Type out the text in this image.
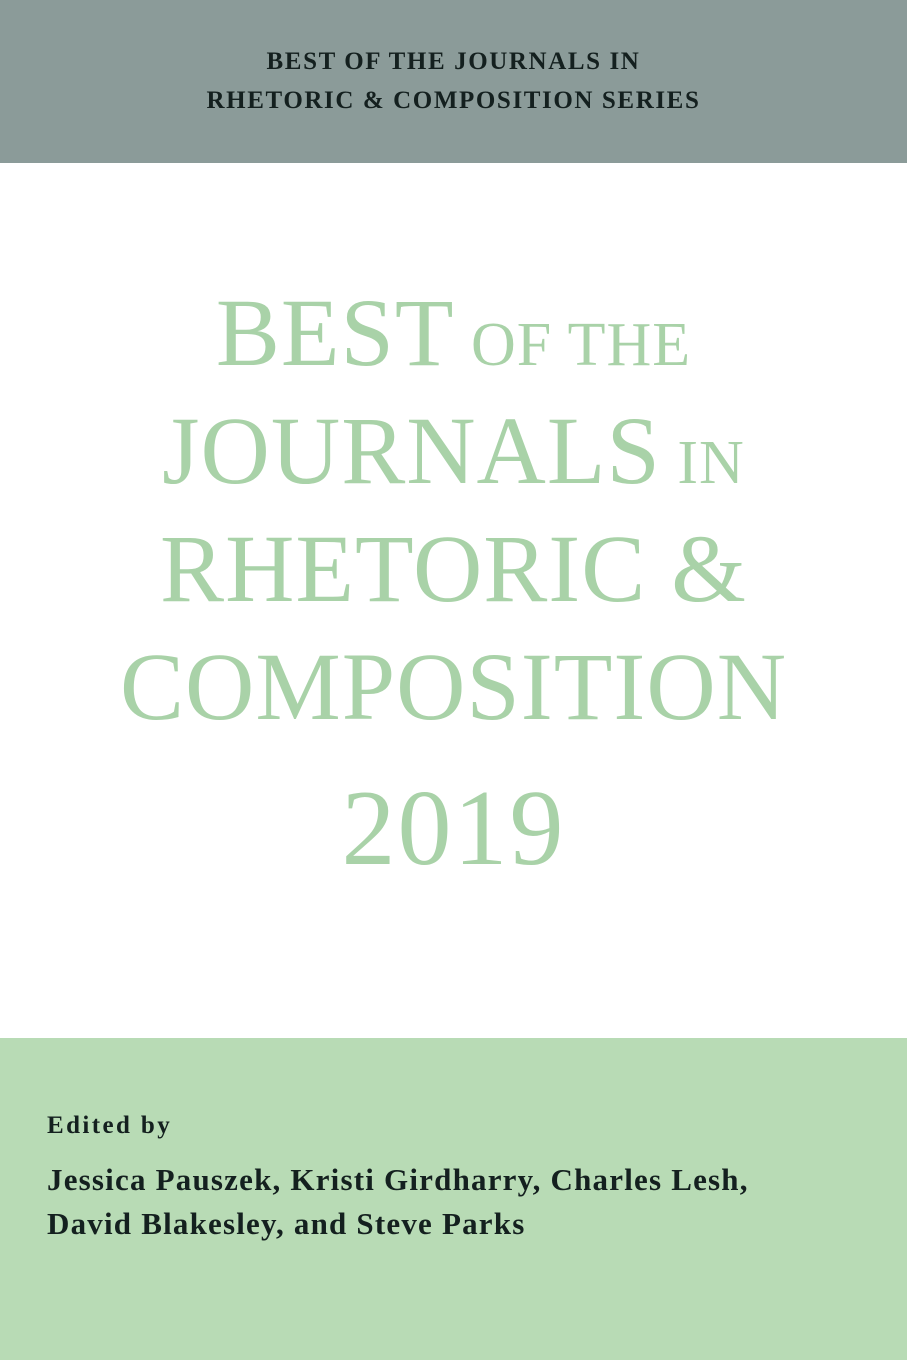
BEST OF THE JOURNALS IN
RHETORIC & COMPOSITION SERIES
BEST OF THE
JOURNALS IN
RHETORIC &
COMPOSITION
2019
Edited by
Jessica Pauszek, Kristi Girdharry, Charles Lesh,
David Blakesley, and Steve Parks
